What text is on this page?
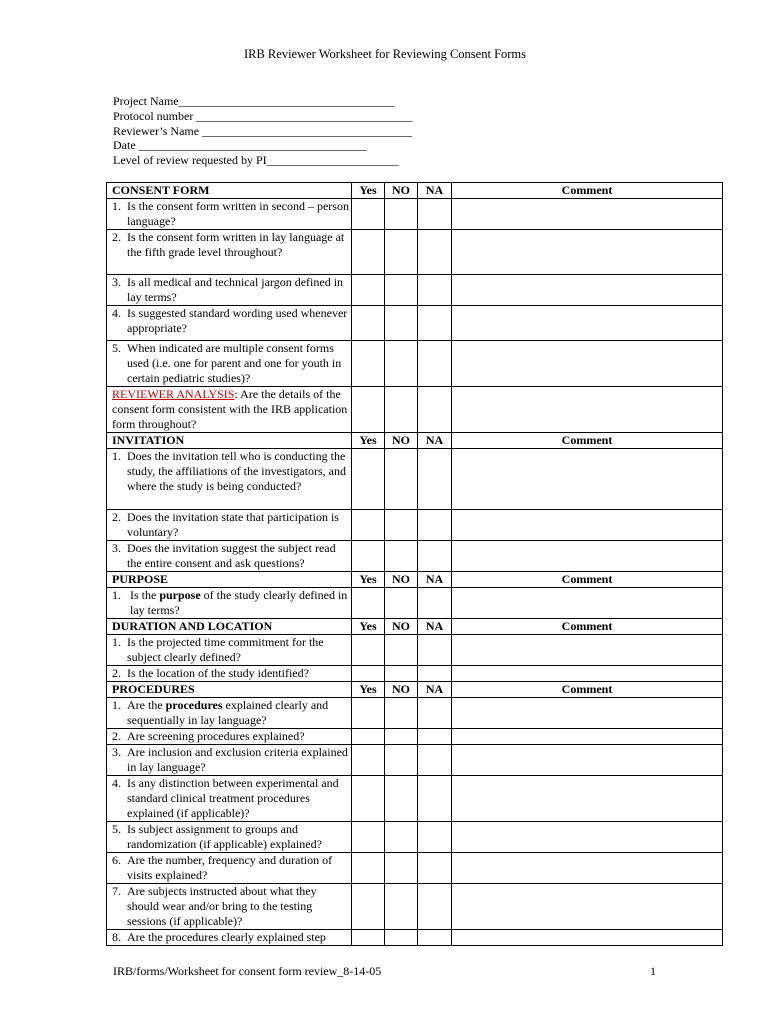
IRB Reviewer Worksheet for Reviewing Consent Forms
Project Name____________________________________
Protocol number ____________________________________
Reviewer’s Name ___________________________________
Date ______________________________________
Level of review requested by PI______________________
CONSENT FORM	Yes	NO	NA	Comment

1. Is the consent form written in second – person language?				

2. Is the consent form written in lay language at the fifth grade level throughout?				

3. Is all medical and technical jargon defined in lay terms?				

4. Is suggested standard wording used whenever appropriate?				

5. When indicated are multiple consent forms used (i.e. one for parent and one for youth in certain pediatric studies)?				

REVIEWER ANALYSIS: Are the details of the consent form consistent with the IRB application form throughout?				
INVITATION	Yes	NO	NA	Comment

1. Does the invitation tell who is conducting the study, the affiliations of the investigators, and where the study is being conducted?				

2. Does the invitation state that participation is voluntary?				

3. Does the invitation suggest the subject read the entire consent and ask questions?				

PURPOSE	Yes	NO	NA	Comment

1. Is the purpose of the study clearly defined in lay terms?				

DURATION AND LOCATION	Yes	NO	NA	Comment

1. Is the projected time commitment for the subject clearly defined?				

2. Is the location of the study identified?				

PROCEDURES	Yes	NO	NA	Comment

1. Are the procedures explained clearly and sequentially in lay language?				

2. Are screening procedures explained?				

3. Are inclusion and exclusion criteria explained in lay language?				

4. Is any distinction between experimental and standard clinical treatment procedures explained (if applicable)?				

5. Is subject assignment to groups and randomization (if applicable) explained?				

6. Are the number, frequency and duration of visits explained?				

7. Are subjects instructed about what they should wear and/or bring to the testing sessions (if applicable)?				

8. Are the procedures clearly explained step				

IRB/forms/Worksheet for consent form review_8-14-05	1
